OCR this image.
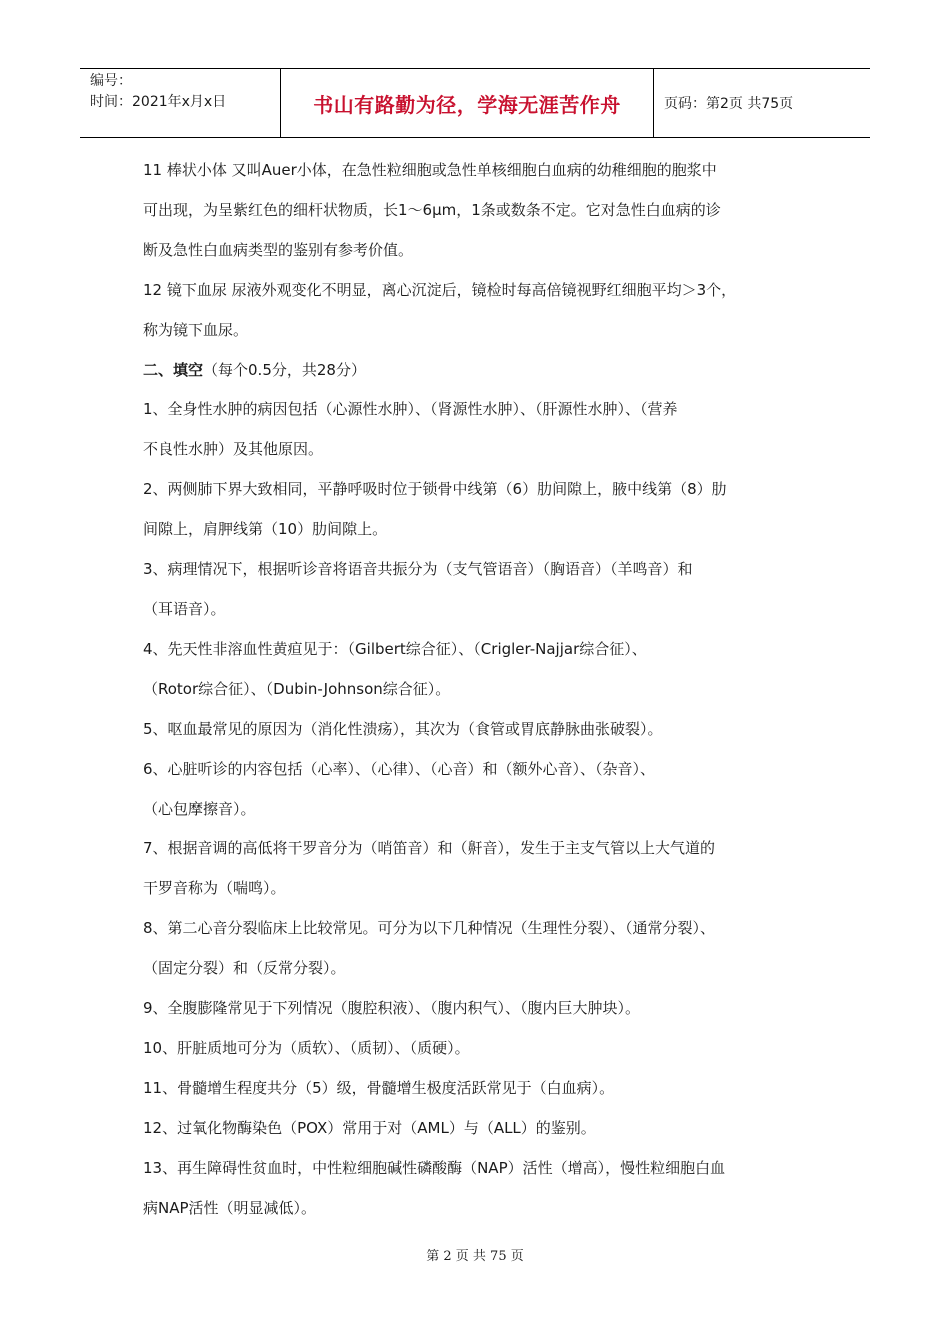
编号：
时间：2021年x月x日	书山有路勤为径，学海无涯苦作舟	页码：第2页 共75页

11 棒状小体 又叫Auer小体，在急性粒细胞或急性单核细胞白血病的幼稚细胞的胞浆中

可出现，为呈紫红色的细杆状物质，长1～6μm，1条或数条不定。它对急性白血病的诊

断及急性白血病类型的鉴别有参考价值。

12 镜下血尿 尿液外观变化不明显，离心沉淀后，镜检时每高倍镜视野红细胞平均＞3个，

称为镜下血尿。

二、填空（每个0.5分，共28分）

1、全身性水肿的病因包括（心源性水肿）、（肾源性水肿）、（肝源性水肿）、（营养

不良性水肿）及其他原因。

2、两侧肺下界大致相同，平静呼吸时位于锁骨中线第（6）肋间隙上，腋中线第（8）肋

间隙上，肩胛线第（10）肋间隙上。

3、病理情况下，根据听诊音将语音共振分为（支气管语音）（胸语音）（羊鸣音）和

（耳语音）。

4、先天性非溶血性黄疸见于：（Gilbert综合征）、（Crigler-Najjar综合征）、

（Rotor综合征）、（Dubin-Johnson综合征）。

5、呕血最常见的原因为（消化性溃疡），其次为（食管或胃底静脉曲张破裂）。

6、心脏听诊的内容包括（心率）、（心律）、（心音）和（额外心音）、（杂音）、

（心包摩擦音）。

7、根据音调的高低将干罗音分为（哨笛音）和（鼾音），发生于主支气管以上大气道的

干罗音称为（喘鸣）。

8、第二心音分裂临床上比较常见。可分为以下几种情况（生理性分裂）、（通常分裂）、

（固定分裂）和（反常分裂）。

9、全腹膨隆常见于下列情况（腹腔积液）、（腹内积气）、（腹内巨大肿块）。

10、肝脏质地可分为（质软）、（质韧）、（质硬）。

11、骨髓增生程度共分（5）级，骨髓增生极度活跃常见于（白血病）。

12、过氧化物酶染色（POX）常用于对（AML）与（ALL）的鉴别。

13、再生障碍性贫血时，中性粒细胞碱性磷酸酶（NAP）活性（增高），慢性粒细胞白血

病NAP活性（明显减低）。

第 2 页 共 75 页
